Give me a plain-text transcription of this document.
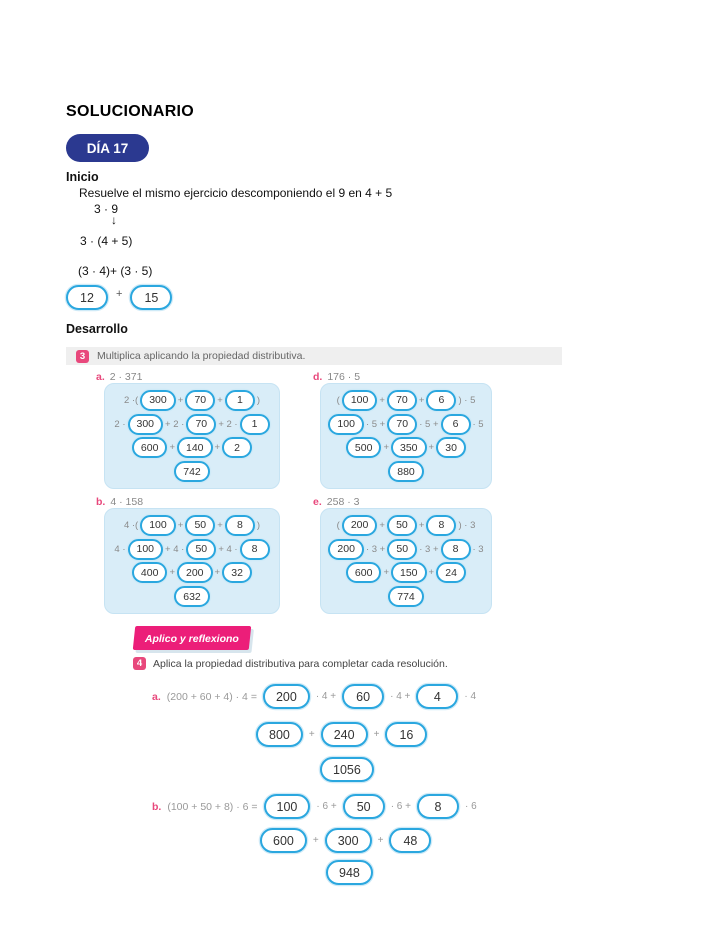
SOLUCIONARIO
DÍA 17
Inicio
Resuelve el mismo ejercicio descomponiendo el 9 en 4 + 5
3 · 9
↓
3 · (4 + 5)
(3 · 4)+ (3 · 5)
12	+	15
Desarrollo
3	Multiplica aplicando la propiedad distributiva.
a. 2 · 371
2 ·(	300	+	70	+	1	)
2 ·	300	+ 2 ·	70	+ 2 ·	1
600	+	140	+	2
742
d. 176 · 5
(	100	+	70	+	6	) · 5
100	· 5 +	70	· 5 +	6	· 5
500	+	350	+	30
880
b. 4 · 158
4 ·(	100	+	50	+	8	)
4 ·	100	+ 4 ·	50	+ 4 ·	8
400	+	200	+	32
632
e. 258 · 3
(	200	+	50	+	8	) · 3
200	· 3 +	50	· 3 +	8	· 3
600	+	150	+	24
774
Aplico y reflexiono
4	Aplica la propiedad distributiva para completar cada resolución.
a. (200 + 60 + 4) · 4 =	200	· 4 +	60	· 4 +	4	· 4
800	+	240	+	16
1056
b. (100 + 50 + 8) · 6 =	100	· 6 +	50	· 6 +	8	· 6
600	+	300	+	48
948
